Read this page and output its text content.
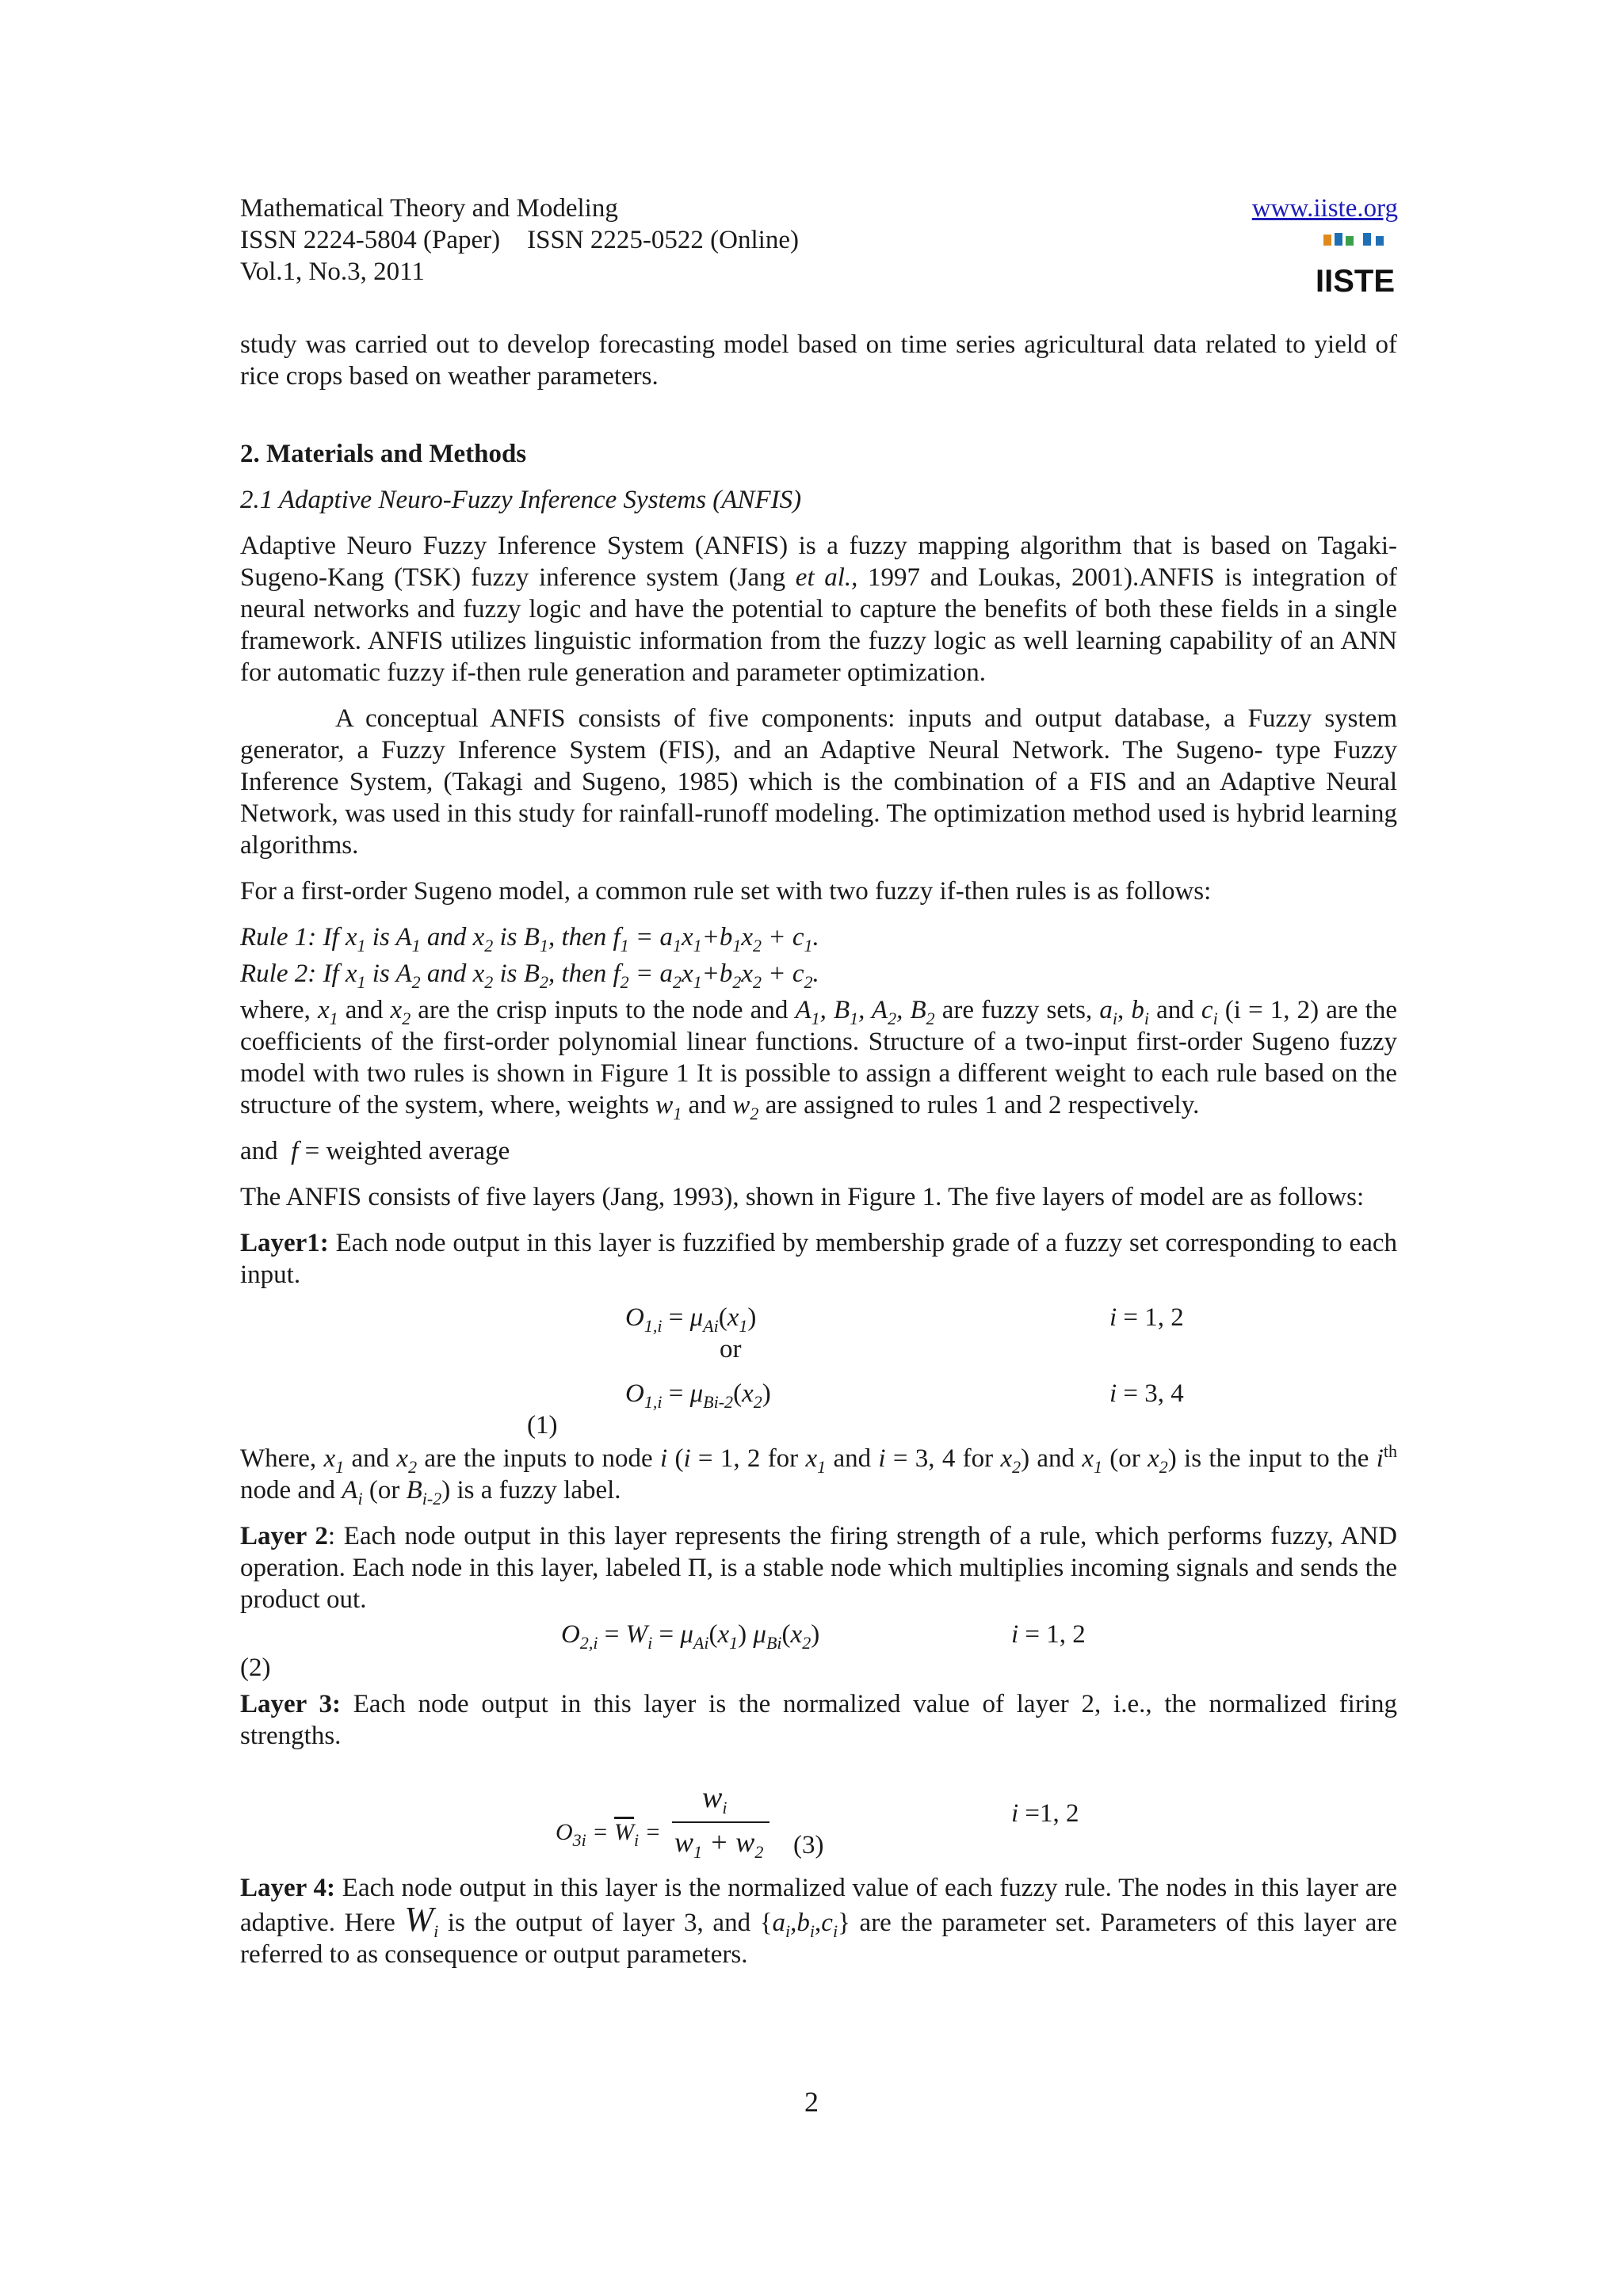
Mathematical Theory and Modeling
ISSN 2224-5804 (Paper) ISSN 2225-0522 (Online)
Vol.1, No.3, 2011
www.iiste.org
IISTE

study was carried out to develop forecasting model based on time series agricultural data related to yield of rice crops based on weather parameters.

2. Materials and Methods

2.1 Adaptive Neuro-Fuzzy Inference Systems (ANFIS)

Adaptive Neuro Fuzzy Inference System (ANFIS) is a fuzzy mapping algorithm that is based on Tagaki-Sugeno-Kang (TSK) fuzzy inference system (Jang et al., 1997 and Loukas, 2001).ANFIS is integration of neural networks and fuzzy logic and have the potential to capture the benefits of both these fields in a single framework. ANFIS utilizes linguistic information from the fuzzy logic as well learning capability of an ANN for automatic fuzzy if-then rule generation and parameter optimization.

A conceptual ANFIS consists of five components: inputs and output database, a Fuzzy system generator, a Fuzzy Inference System (FIS), and an Adaptive Neural Network. The Sugeno- type Fuzzy Inference System, (Takagi and Sugeno, 1985) which is the combination of a FIS and an Adaptive Neural Network, was used in this study for rainfall-runoff modeling. The optimization method used is hybrid learning algorithms.

For a first-order Sugeno model, a common rule set with two fuzzy if-then rules is as follows:

Rule 1: If $x_1$ is $A_1$ and $x_2$ is $B_1$, then $f_1 = a_1x_1+b_1x_2 + c_1$.

Rule 2: If $x_1$ is $A_2$ and $x_2$ is $B_2$, then $f_2 = a_2x_1+b_2x_2 + c_2$.

where, $x_1$ and $x_2$ are the crisp inputs to the node and $A_1$, $B_1$, $A_2$, $B_2$ are fuzzy sets, $a_i$, $b_i$ and $c_i$ (i = 1, 2) are the coefficients of the first-order polynomial linear functions. Structure of a two-input first-order Sugeno fuzzy model with two rules is shown in Figure 1 It is possible to assign a different weight to each rule based on the structure of the system, where, weights $w_1$ and $w_2$ are assigned to rules 1 and 2 respectively.

and  f = weighted average

The ANFIS consists of five layers (Jang, 1993), shown in Figure 1. The five layers of model are as follows:

Layer1: Each node output in this layer is fuzzified by membership grade of a fuzzy set corresponding to each input.

$O_{1,i} = \mu_{Ai}(x_1)$	i = 1, 2
or
$O_{1,i} = \mu_{Bi-2}(x_2)$	i = 3, 4
(1)

Where, $x_1$ and $x_2$ are the inputs to node i (i = 1, 2 for $x_1$ and i = 3, 4 for $x_2$) and $x_1$ (or $x_2$) is the input to the $i^{th}$ node and $A_i$ (or $B_{i-2}$) is a fuzzy label.

Layer 2: Each node output in this layer represents the firing strength of a rule, which performs fuzzy, AND operation. Each node in this layer, labeled Π, is a stable node which multiplies incoming signals and sends the product out.

$O_{2,i} = W_i = \mu_{Ai}(x_1)$ $\mu_{Bi}(x_2)$	i = 1, 2
(2)

Layer 3: Each node output in this layer is the normalized value of layer 2, i.e., the normalized firing strengths.

$O_{3i} = \overline{W}_i$ =
$w_i$
$w_1 + w_2$ (3)
i =1, 2

Layer 4: Each node output in this layer is the normalized value of each fuzzy rule. The nodes in this layer are adaptive. Here $W_i$ is the output of layer 3, and $\{a_i,b_i,c_i\}$ are the parameter set. Parameters of this layer are referred to as consequence or output parameters.

2
